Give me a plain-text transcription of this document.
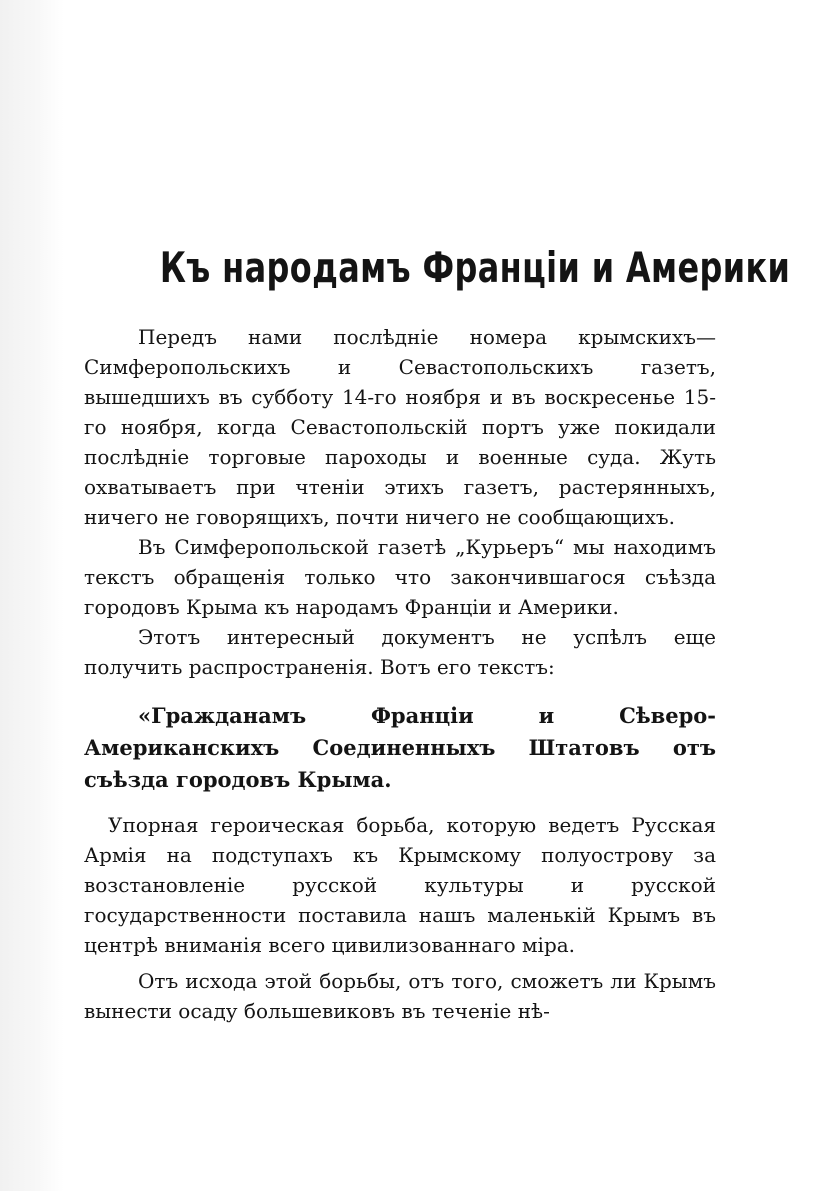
Къ народамъ Франціи и Америки

Передъ нами послѣдніе номера крымскихъ—Симферопольскихъ и Севастопольскихъ газетъ, вышедшихъ въ субботу 14-го ноября и въ воскресенье 15-го ноября, когда Севастопольскій портъ уже покидали послѣдніе торговые пароходы и военные суда. Жуть охватываетъ при чтеніи этихъ газетъ, растерянныхъ, ничего не говорящихъ, почти ничего не сообщающихъ.

Въ Симферопольской газетѣ „Курьеръ“ мы находимъ текстъ обращенія только что закончившагося съѣзда городовъ Крыма къ народамъ Франціи и Америки.

Этотъ интересный документъ не успѣлъ еще получить распространенія. Вотъ его текстъ:

«Гражданамъ Франціи и Сѣверо-Американскихъ Соединенныхъ Штатовъ отъ съѣзда городовъ Крыма.

Упорная героическая борьба, которую ведетъ Русская Армія на подступахъ къ Крымскому полуострову за возстановленіе русской культуры и русской государственности поставила нашъ маленькій Крымъ въ центрѣ вниманія всего цивилизованнаго міра.

Отъ исхода этой борьбы, отъ того, сможетъ ли Крымъ вынести осаду большевиковъ въ теченіе нѣ-
